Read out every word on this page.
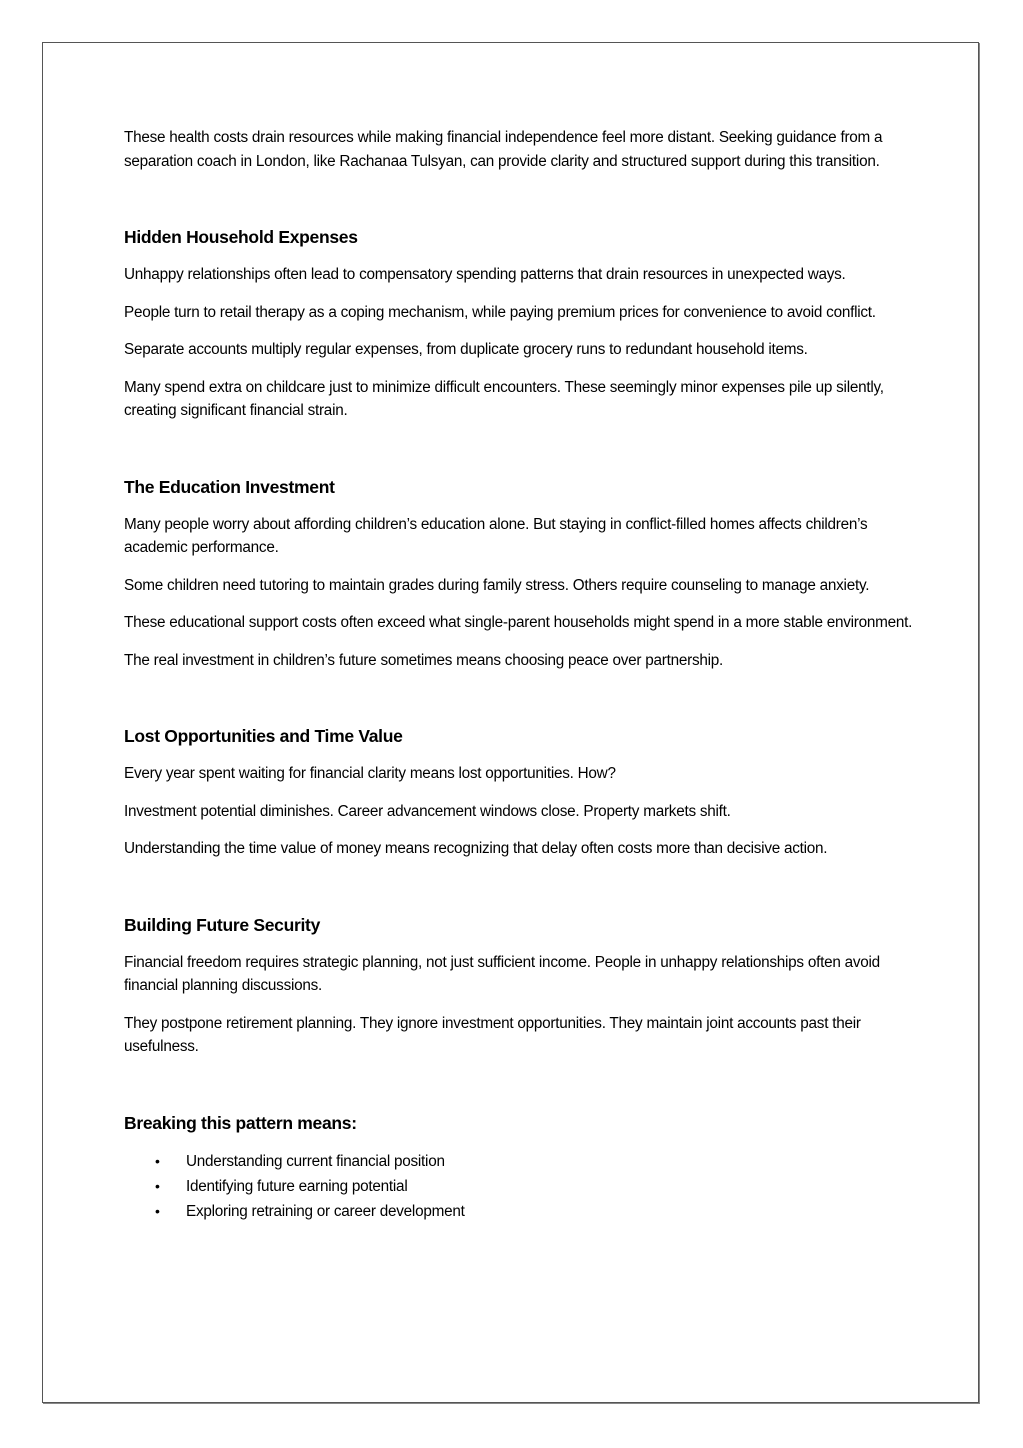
These health costs drain resources while making financial independence feel more distant. Seeking guidance from a separation coach in London, like Rachanaa Tulsyan, can provide clarity and structured support during this transition.

Hidden Household Expenses

Unhappy relationships often lead to compensatory spending patterns that drain resources in unexpected ways.

People turn to retail therapy as a coping mechanism, while paying premium prices for convenience to avoid conflict.

Separate accounts multiply regular expenses, from duplicate grocery runs to redundant household items.

Many spend extra on childcare just to minimize difficult encounters. These seemingly minor expenses pile up silently, creating significant financial strain.

The Education Investment

Many people worry about affording children’s education alone. But staying in conflict-filled homes affects children’s academic performance.

Some children need tutoring to maintain grades during family stress. Others require counseling to manage anxiety.

These educational support costs often exceed what single-parent households might spend in a more stable environment.

The real investment in children’s future sometimes means choosing peace over partnership.

Lost Opportunities and Time Value

Every year spent waiting for financial clarity means lost opportunities. How?

Investment potential diminishes. Career advancement windows close. Property markets shift.

Understanding the time value of money means recognizing that delay often costs more than decisive action.

Building Future Security

Financial freedom requires strategic planning, not just sufficient income. People in unhappy relationships often avoid financial planning discussions.

They postpone retirement planning. They ignore investment opportunities. They maintain joint accounts past their usefulness.

Breaking this pattern means:
• Understanding current financial position
• Identifying future earning potential
• Exploring retraining or career development
